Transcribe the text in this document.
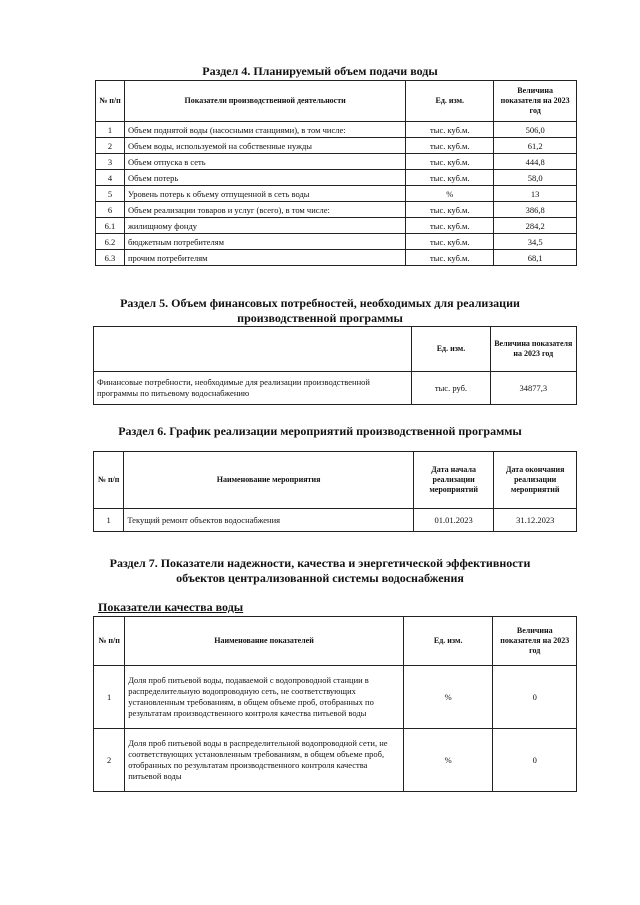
Раздел 4. Планируемый объем подачи воды
№ п/п	Показатели производственной деятельности	Ед. изм.	Величина показателя на 2023 год
1	Объем поднятой воды (насосными станциями), в том числе:	тыс. куб.м.	506,0
2	Объем воды, используемой на собственные нужды	тыс. куб.м.	61,2
3	Объем отпуска в сеть	тыс. куб.м.	444,8
4	Объем потерь	тыс. куб.м.	58,0
5	Уровень потерь к объему отпущенной в сеть воды	%	13
6	Объем реализации товаров и услуг (всего), в том числе:	тыс. куб.м.	386,8
6.1	жилищному фонду	тыс. куб.м.	284,2
6.2	бюджетным потребителям	тыс. куб.м.	34,5
6.3	прочим потребителям	тыс. куб.м.	68,1
Раздел 5. Объем финансовых потребностей, необходимых для реализации
производственной программы
	Ед. изм.	Величина показателя на 2023 год
Финансовые потребности, необходимые для реализации производственной программы по питьевому водоснабжению	тыс. руб.	34877,3
Раздел 6. График реализации мероприятий производственной программы
№ п/п	Наименование мероприятия	Дата начала реализации мероприятий	Дата окончания реализации мероприятий
1	Текущий ремонт объектов водоснабжения	01.01.2023	31.12.2023
Раздел 7. Показатели надежности, качества и энергетической эффективности
объектов централизованной системы водоснабжения
Показатели качества воды
№ п/п	Наименование показателей	Ед. изм.	Величина показателя на 2023 год
1	Доля проб питьевой воды, подаваемой с водопроводной станции в распределительную водопроводную сеть, не соответствующих установленным требованиям, в общем объеме проб, отобранных по результатам производственного контроля качества питьевой воды	%	0
2	Доля проб питьевой воды в распределительной водопроводной сети, не соответствующих установленным требованиям, в общем объеме проб, отобранных по результатам производственного контроля качества питьевой воды	%	0
